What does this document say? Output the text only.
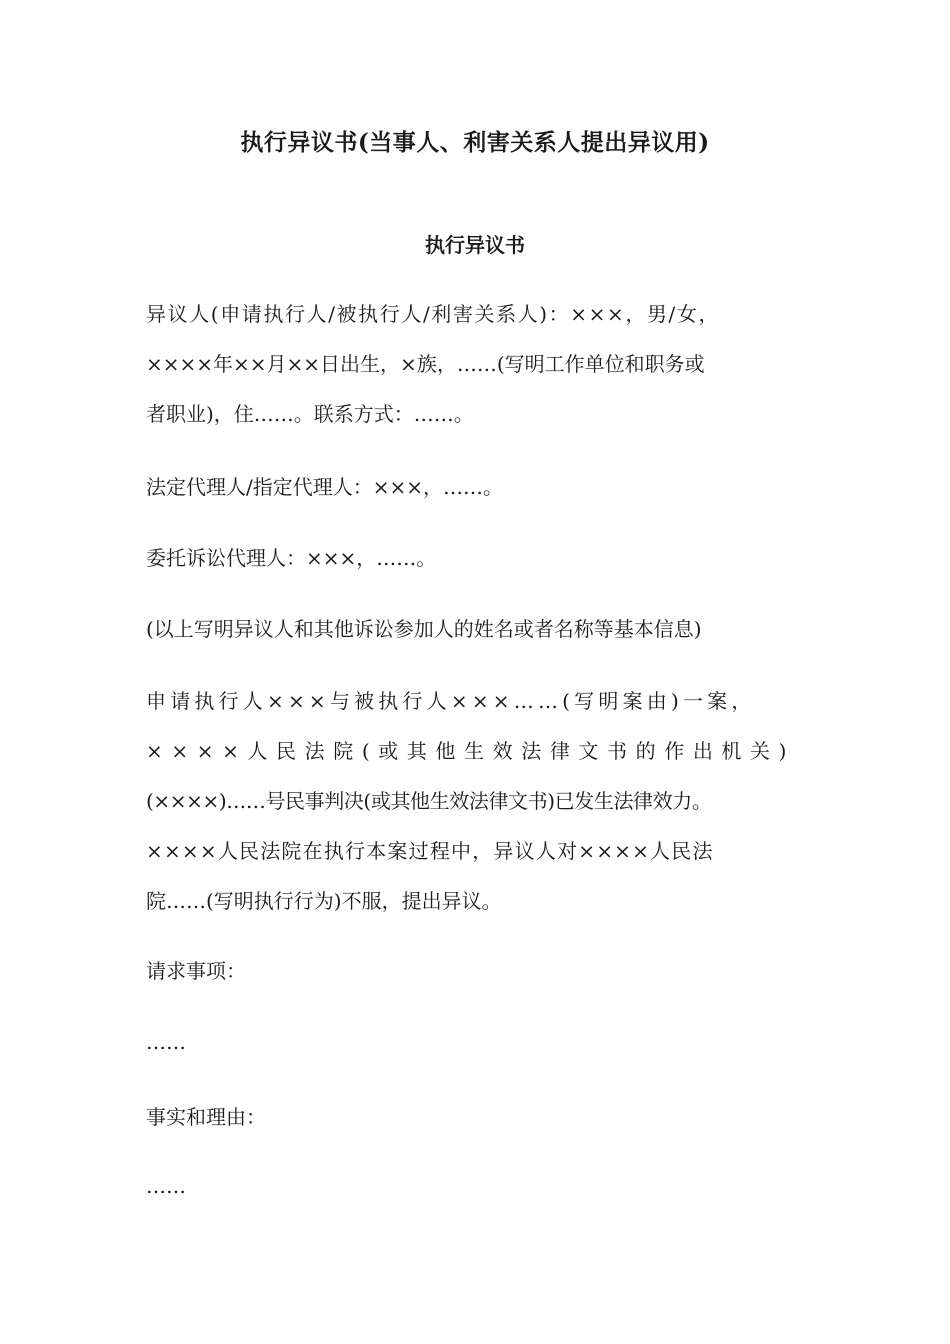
执行异议书(当事人、利害关系人提出异议用)
执行异议书
异议人(申请执行人/被执行人/利害关系人)：×××，男/女，
××××年××月××日出生，×族，……(写明工作单位和职务或
者职业)，住……。联系方式：……。
法定代理人/指定代理人：×××，……。
委托诉讼代理人：×××，……。
(以上写明异议人和其他诉讼参加人的姓名或者名称等基本信息)
申请执行人×××与被执行人×××……(写明案由)一案，
××××人民法院(或其他生效法律文书的作出机关)
(××××)……号民事判决(或其他生效法律文书)已发生法律效力。
××××人民法院在执行本案过程中，异议人对××××人民法
院……(写明执行行为)不服，提出异议。
请求事项：
……
事实和理由：
……
